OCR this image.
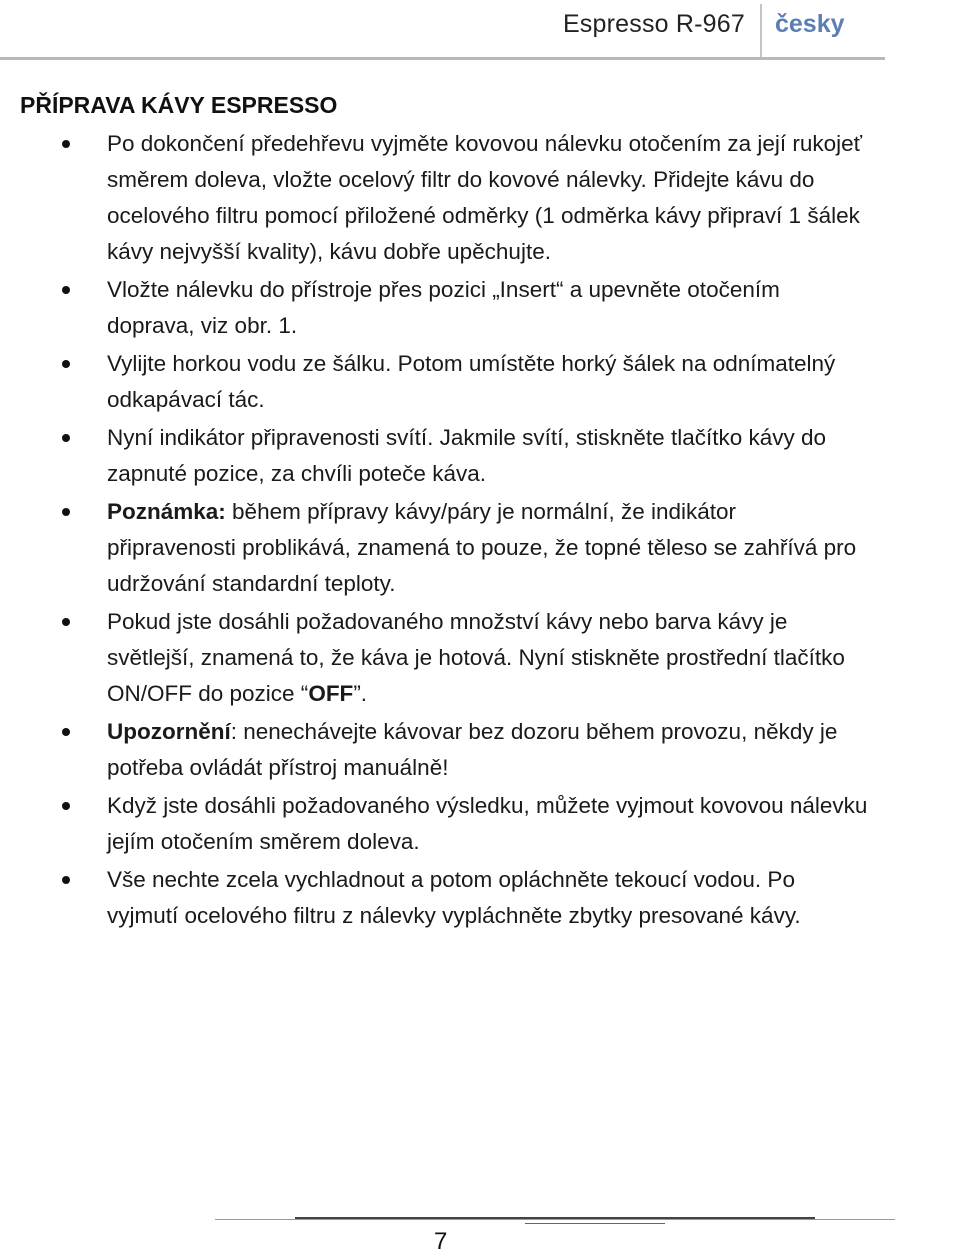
Espresso R-967 česky
PŘÍPRAVA KÁVY ESPRESSO
Po dokončení předehřevu vyjměte kovovou nálevku otočením za její rukojeť směrem doleva, vložte ocelový filtr do kovové nálevky. Přidejte kávu do ocelového filtru pomocí přiložené odměrky (1 odměrka kávy připraví 1 šálek kávy nejvyšší kvality), kávu dobře upěchujte.
Vložte nálevku do přístroje přes pozici „Insert“ a upevněte otočením doprava, viz obr. 1.
Vylijte horkou vodu ze šálku. Potom umístěte horký šálek na odnímatelný odkapávací tác.
Nyní indikátor připravenosti svítí. Jakmile svítí, stiskněte tlačítko kávy do zapnuté pozice, za chvíli poteče káva.
Poznámka: během přípravy kávy/páry je normální, že indikátor připravenosti problikává, znamená to pouze, že topné těleso se zahřívá pro udržování standardní teploty.
Pokud jste dosáhli požadovaného množství kávy nebo barva kávy je světlejší, znamená to, že káva je hotová. Nyní stiskněte prostřední tlačítko ON/OFF do pozice “OFF”.
Upozornění: nenechávejte kávovar bez dozoru během provozu, někdy je potřeba ovládát přístroj manuálně!
Když jste dosáhli požadovaného výsledku, můžete vyjmout kovovou nálevku jejím otočením směrem doleva.
Vše nechte zcela vychladnout a potom opláchněte tekoucí vodou. Po vyjmutí ocelového filtru z nálevky vypláchněte zbytky presované kávy.
7
